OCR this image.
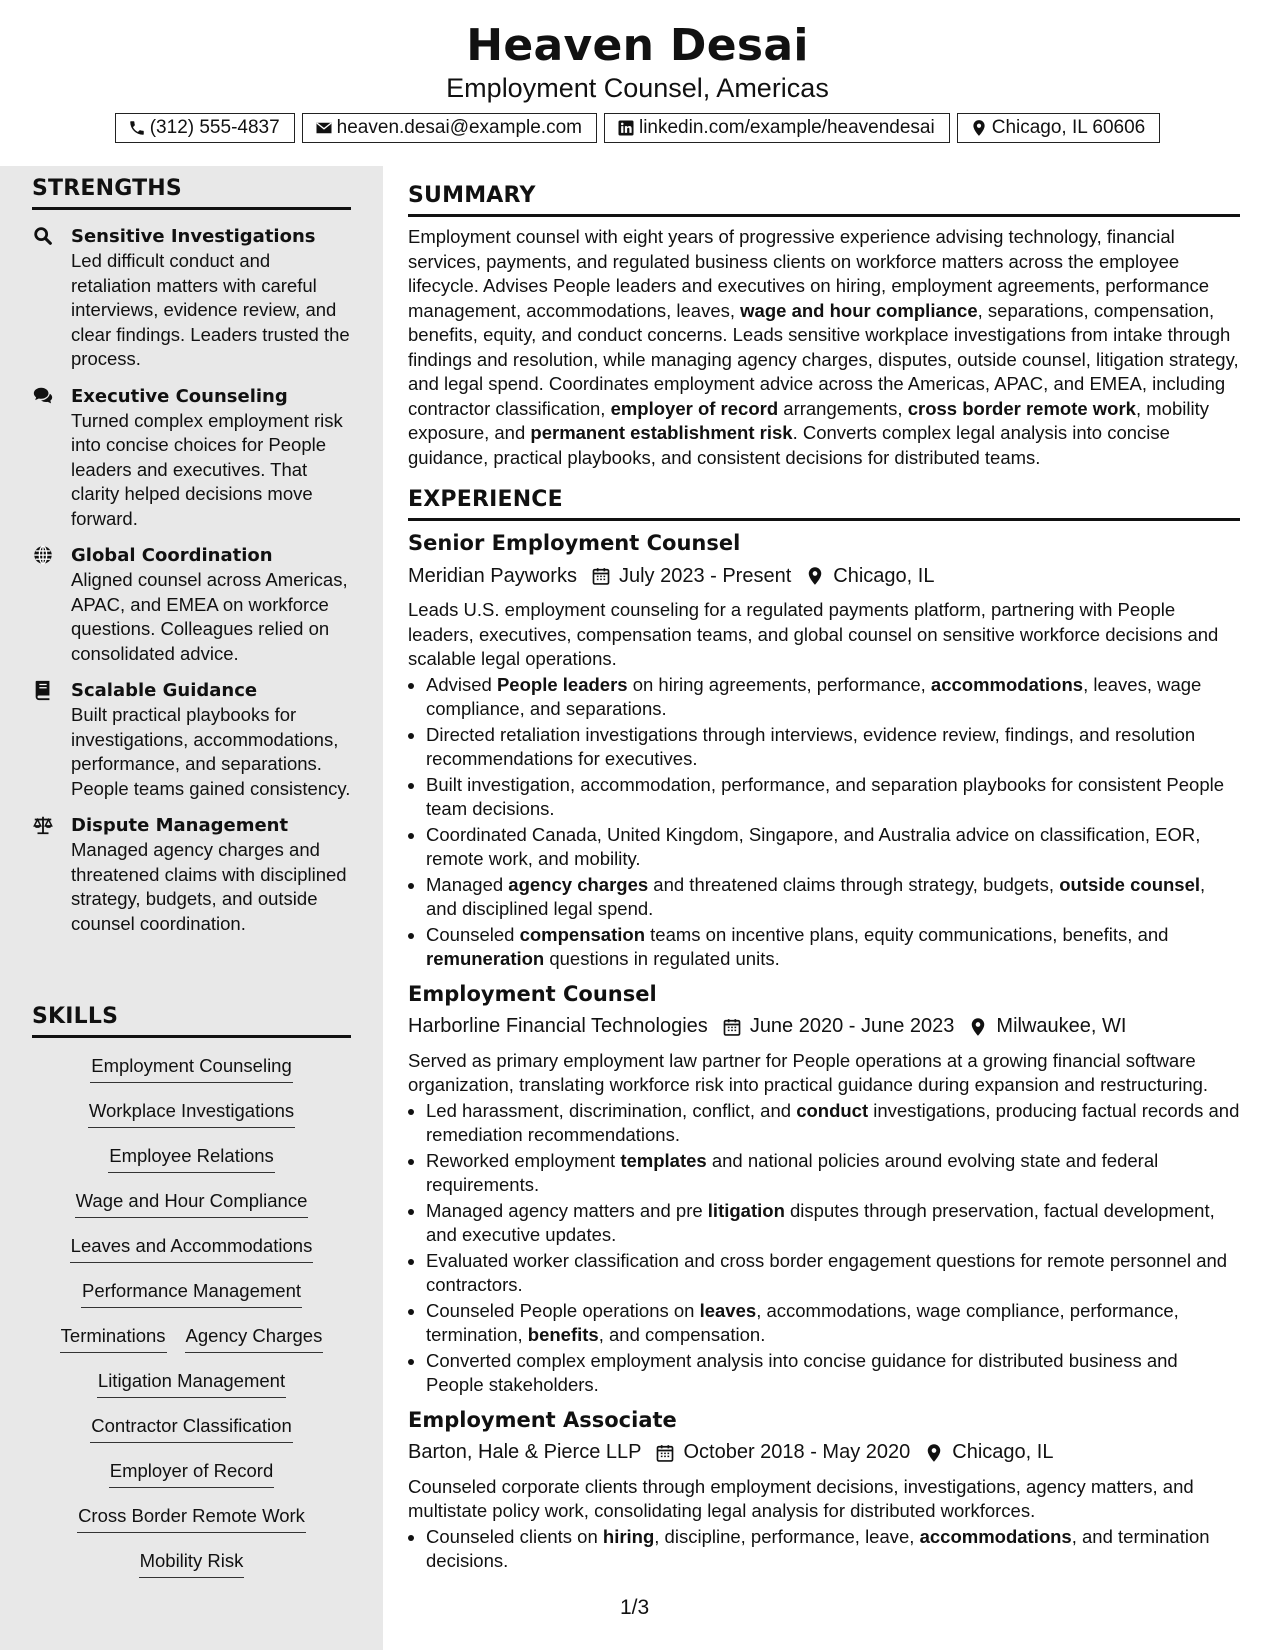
Heaven Desai
Employment Counsel, Americas
(312) 555-4837	heaven.desai@example.com	linkedin.com/example/heavendesai	Chicago, IL 60606
STRENGTHS
Sensitive Investigations
Led difficult conduct and retaliation matters with careful interviews, evidence review, and clear findings. Leaders trusted the process.
Executive Counseling
Turned complex employment risk into concise choices for People leaders and executives. That clarity helped decisions move forward.
Global Coordination
Aligned counsel across Americas, APAC, and EMEA on workforce questions. Colleagues relied on consolidated advice.
Scalable Guidance
Built practical playbooks for investigations, accommodations, performance, and separations. People teams gained consistency.
Dispute Management
Managed agency charges and threatened claims with disciplined strategy, budgets, and outside counsel coordination.
SKILLS
Employment Counseling
Workplace Investigations
Employee Relations
Wage and Hour Compliance
Leaves and Accommodations
Performance Management
Terminations Agency Charges
Litigation Management
Contractor Classification
Employer of Record
Cross Border Remote Work
Mobility Risk
SUMMARY
Employment counsel with eight years of progressive experience advising technology, financial services, payments, and regulated business clients on workforce matters across the employee lifecycle. Advises People leaders and executives on hiring, employment agreements, performance management, accommodations, leaves, wage and hour compliance, separations, compensation, benefits, equity, and conduct concerns. Leads sensitive workplace investigations from intake through findings and resolution, while managing agency charges, disputes, outside counsel, litigation strategy, and legal spend. Coordinates employment advice across the Americas, APAC, and EMEA, including contractor classification, employer of record arrangements, cross border remote work, mobility exposure, and permanent establishment risk. Converts complex legal analysis into concise guidance, practical playbooks, and consistent decisions for distributed teams.
EXPERIENCE
Senior Employment Counsel
Meridian Payworks July 2023 - Present Chicago, IL
Leads U.S. employment counseling for a regulated payments platform, partnering with People leaders, executives, compensation teams, and global counsel on sensitive workforce decisions and scalable legal operations.
• Advised People leaders on hiring agreements, performance, accommodations, leaves, wage compliance, and separations.
• Directed retaliation investigations through interviews, evidence review, findings, and resolution recommendations for executives.
• Built investigation, accommodation, performance, and separation playbooks for consistent People team decisions.
• Coordinated Canada, United Kingdom, Singapore, and Australia advice on classification, EOR, remote work, and mobility.
• Managed agency charges and threatened claims through strategy, budgets, outside counsel, and disciplined legal spend.
• Counseled compensation teams on incentive plans, equity communications, benefits, and remuneration questions in regulated units.
Employment Counsel
Harborline Financial Technologies June 2020 - June 2023 Milwaukee, WI
Served as primary employment law partner for People operations at a growing financial software organization, translating workforce risk into practical guidance during expansion and restructuring.
• Led harassment, discrimination, conflict, and conduct investigations, producing factual records and remediation recommendations.
• Reworked employment templates and national policies around evolving state and federal requirements.
• Managed agency matters and pre litigation disputes through preservation, factual development, and executive updates.
• Evaluated worker classification and cross border engagement questions for remote personnel and contractors.
• Counseled People operations on leaves, accommodations, wage compliance, performance, termination, benefits, and compensation.
• Converted complex employment analysis into concise guidance for distributed business and People stakeholders.
Employment Associate
Barton, Hale & Pierce LLP October 2018 - May 2020 Chicago, IL
Counseled corporate clients through employment decisions, investigations, agency matters, and multistate policy work, consolidating legal analysis for distributed workforces.
• Counseled clients on hiring, discipline, performance, leave, accommodations, and termination decisions.
1/3
